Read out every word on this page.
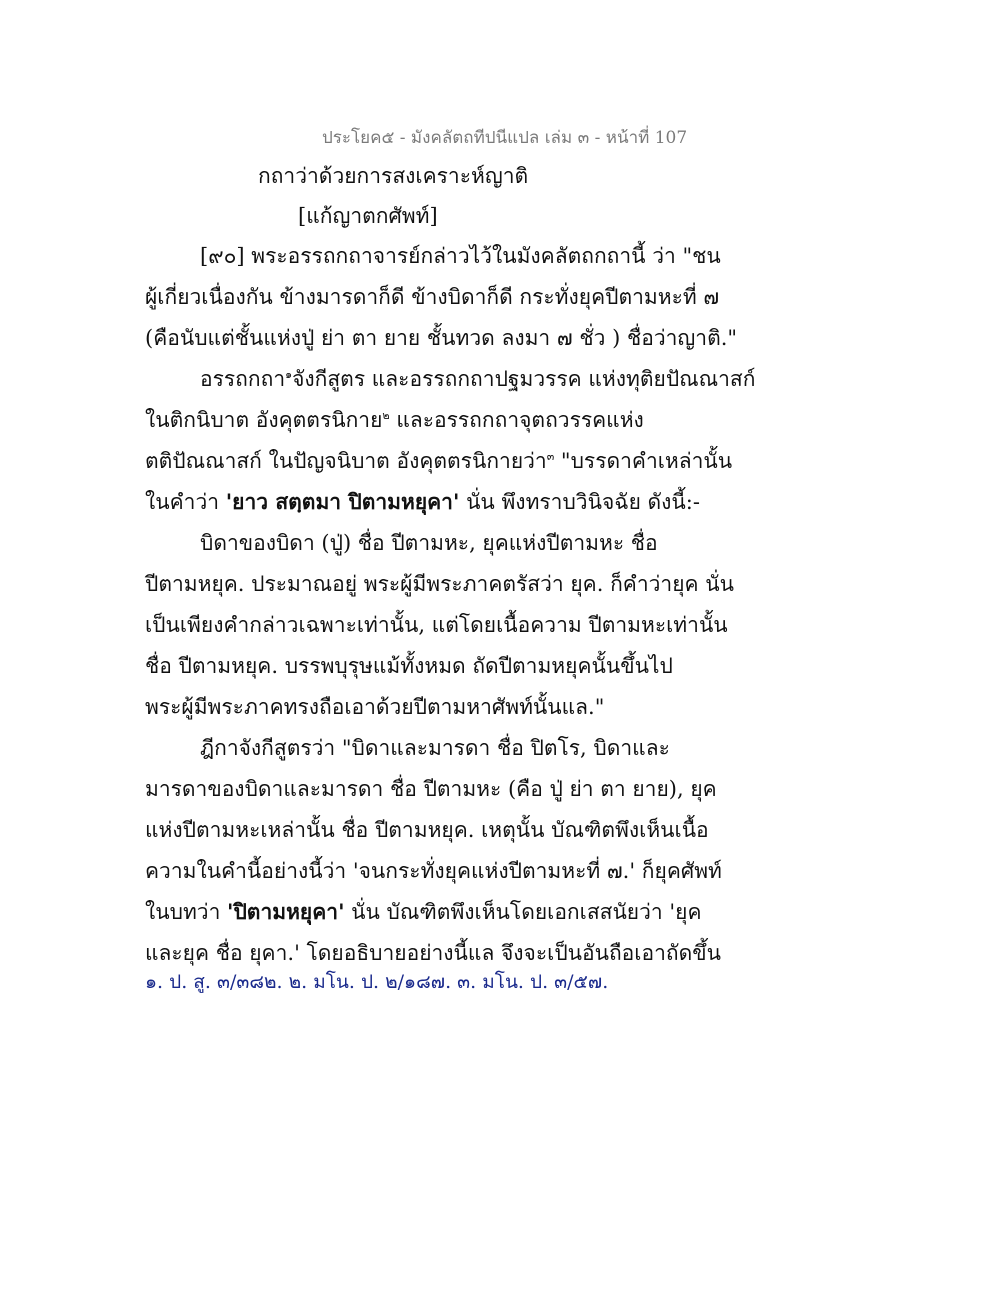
ประโยค๕ - มังคลัตถทีปนีแปล เล่ม ๓ - หน้าที่ 107
กถาว่าด้วยการสงเคราะห์ญาติ
[แก้ญาตกศัพท์]
[๙๐] พระอรรถกถาจารย์กล่าวไว้ในมังคลัตถกถานี้ ว่า "ชน
ผู้เกี่ยวเนื่องกัน ข้างมารดาก็ดี ข้างบิดาก็ดี กระทั่งยุคปีตามหะที่ ๗
(คือนับแต่ชั้นแห่งปู่ ย่า ตา ยาย ชั้นทวด ลงมา ๗ ชั่ว ) ชื่อว่าญาติ."
อรรถกถา$^๑$จังกีสูตร และอรรถกถาปฐมวรรค แห่งทุติยปัณณาสก์
ในติกนิบาต อังคุตตรนิกาย$^๒$ และอรรถกถาจุตถวรรคแห่ง
ตติปัณณาสก์ ในปัญจนิบาต อังคุตตรนิกายว่า$^๓$ "บรรดาคำเหล่านั้น
ในคำว่า 'ยาว สตฺตมา ปิตามหยุคา' นั่น พึงทราบวินิจฉัย ดังนี้:-
บิดาของบิดา (ปู่) ชื่อ ปีตามหะ, ยุคแห่งปีตามหะ ชื่อ
ปีตามหยุค. ประมาณอยู่ พระผู้มีพระภาคตรัสว่า ยุค. ก็คำว่ายุค นั่น
เป็นเพียงคำกล่าวเฉพาะเท่านั้น, แต่โดยเนื้อความ ปีตามหะเท่านั้น
ชื่อ ปีตามหยุค. บรรพบุรุษแม้ทั้งหมด ถัดปีตามหยุคนั้นขึ้นไป
พระผู้มีพระภาคทรงถือเอาด้วยปีตามหาศัพท์นั้นแล."
ฎีกาจังกีสูตรว่า "บิดาและมารดา ชื่อ ปิตโร, บิดาและ
มารดาของบิดาและมารดา ชื่อ ปีตามหะ (คือ ปู่ ย่า ตา ยาย), ยุค
แห่งปีตามหะเหล่านั้น ชื่อ ปีตามหยุค. เหตุนั้น บัณฑิตพึงเห็นเนื้อ
ความในคำนี้อย่างนี้ว่า 'จนกระทั่งยุคแห่งปีตามหะที่ ๗.' ก็ยุคศัพท์
ในบทว่า 'ปิตามหยุคา' นั่น บัณฑิตพึงเห็นโดยเอกเสสนัยว่า 'ยุค
และยุค ชื่อ ยุคา.' โดยอธิบายอย่างนี้แล จึงจะเป็นอันถือเอาถัดขึ้น
๑. ป. สู. ๓/๓๘๒. ๒. มโน. ป. ๒/๑๘๗. ๓. มโน. ป. ๓/๕๗.
